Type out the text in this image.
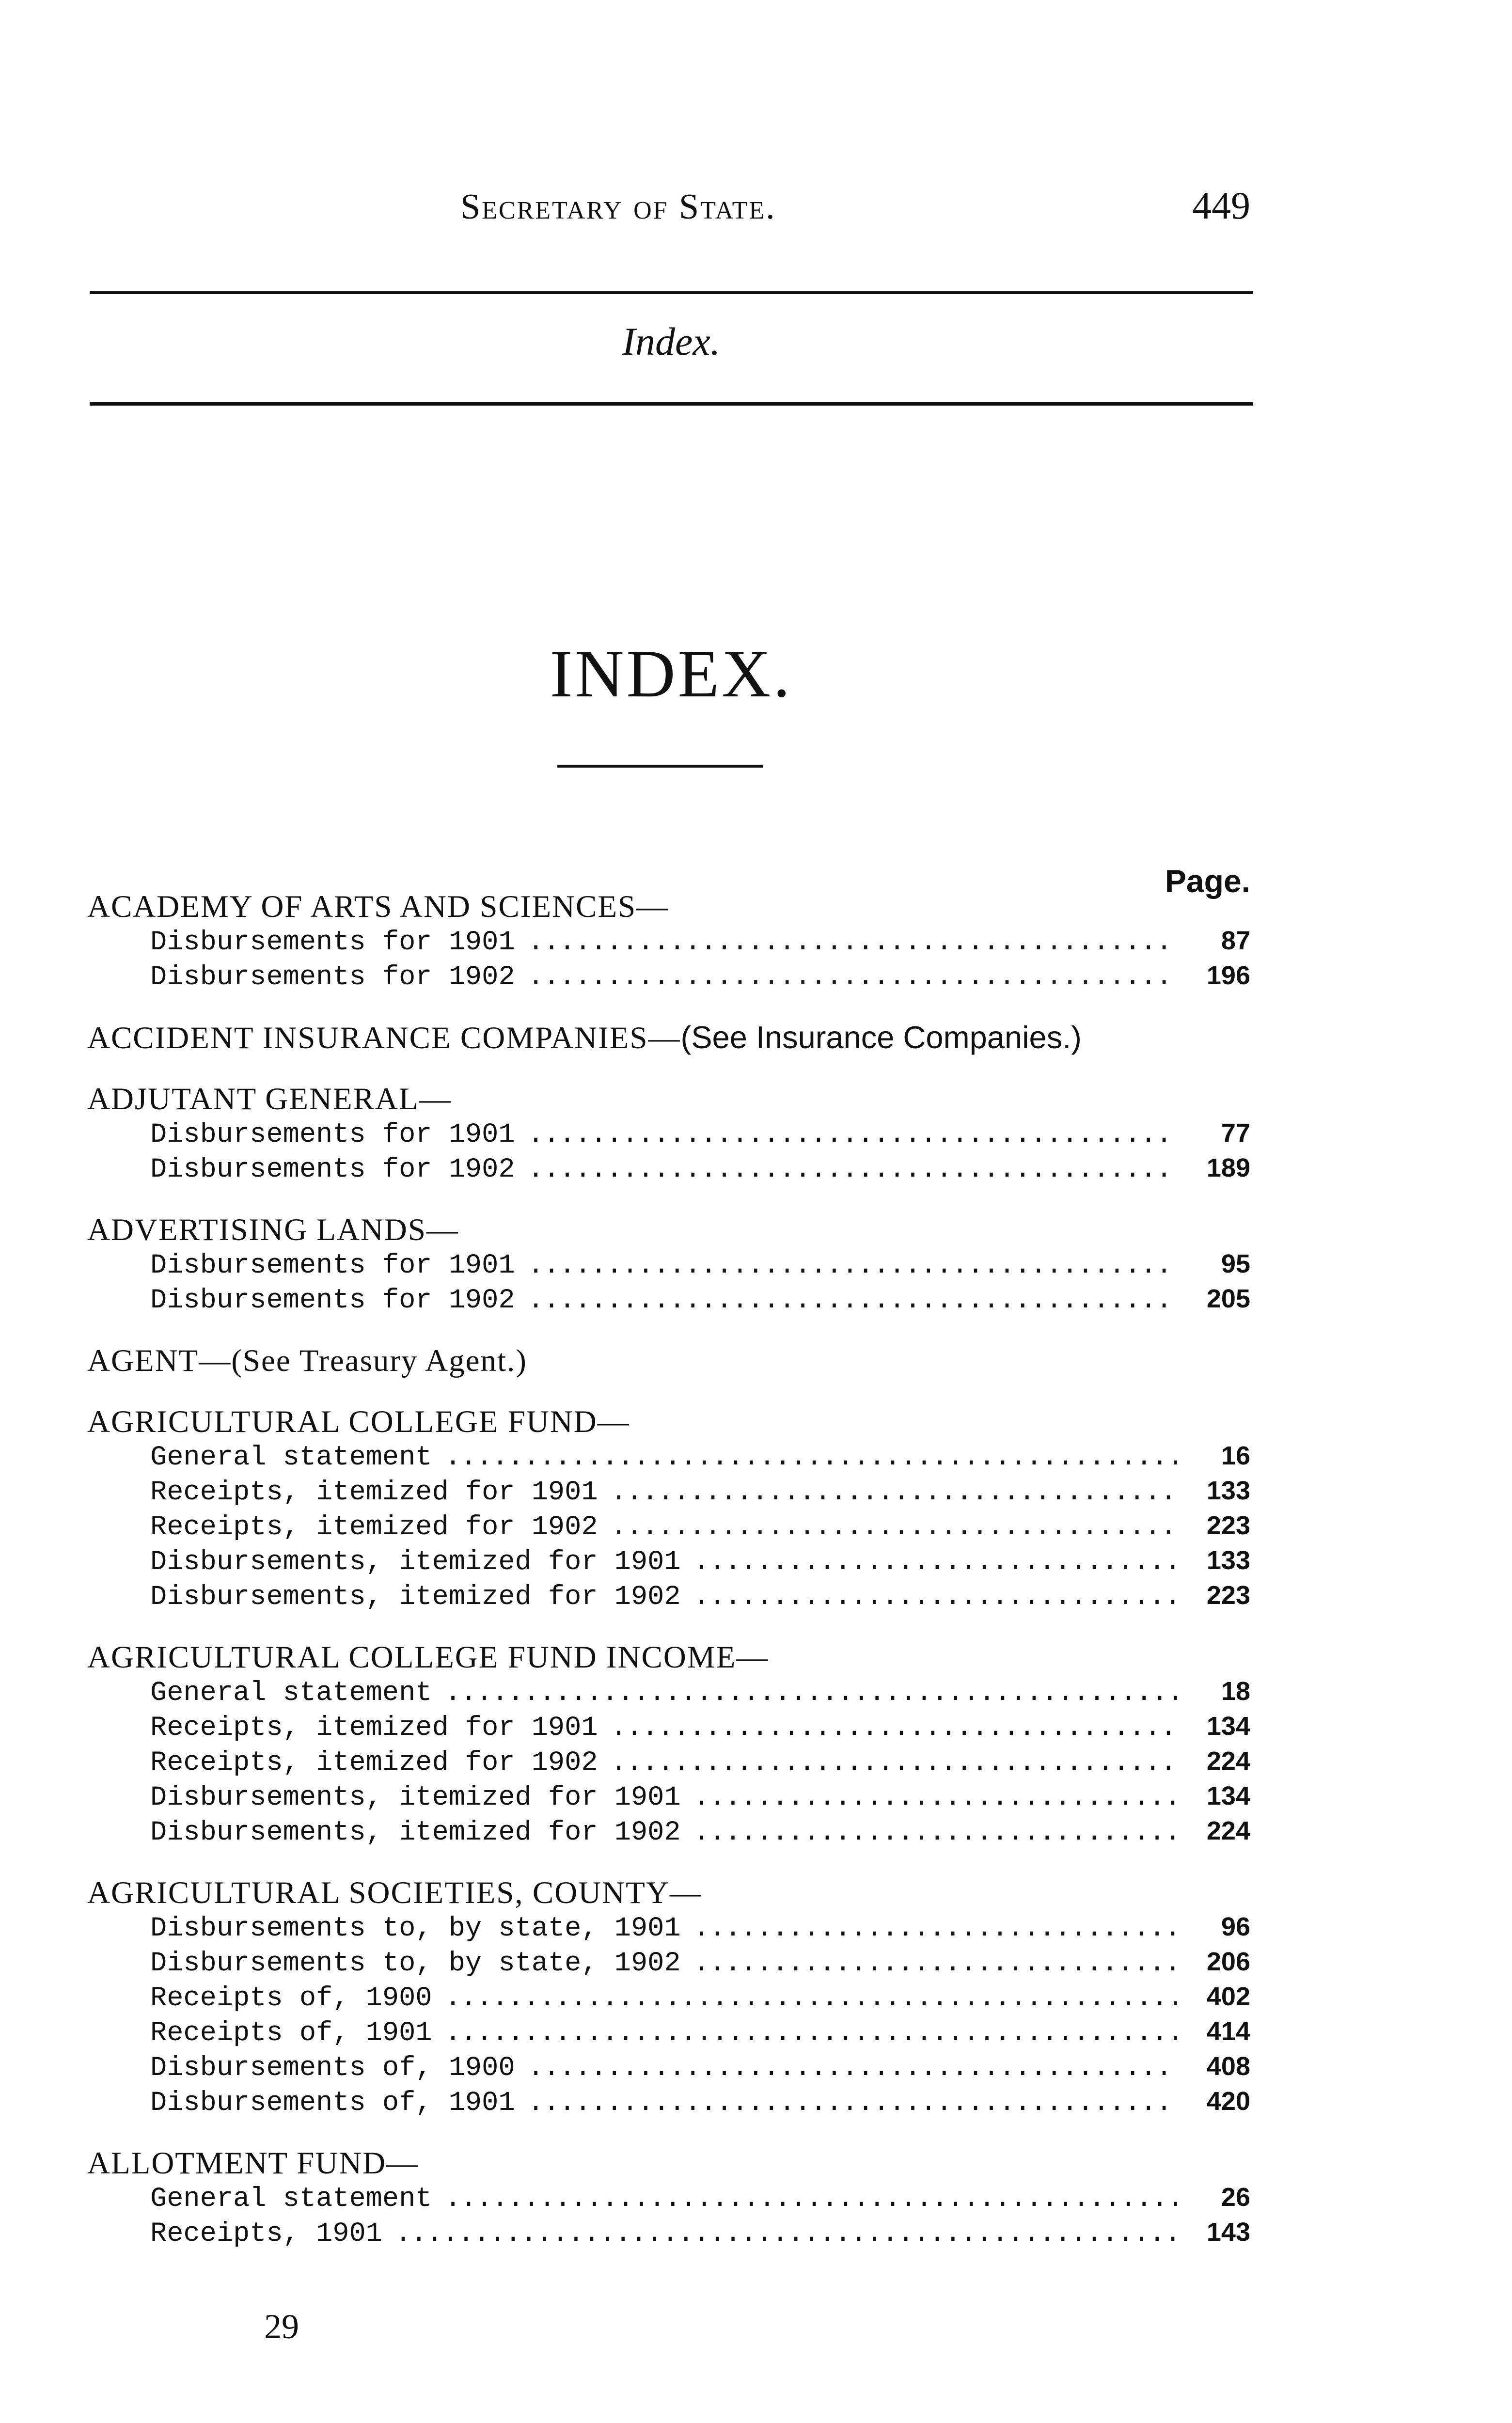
Secretary of State.	449
Index.
INDEX.
Page.
ACADEMY OF ARTS AND SCIENCES—
Disbursements for 1901 . . .	87
Disbursements for 1902 . . .	196
ACCIDENT INSURANCE COMPANIES—(See Insurance Companies.)
ADJUTANT GENERAL—
Disbursements for 1901 . . .	77
Disbursements for 1902 . . .	189
ADVERTISING LANDS—
Disbursements for 1901 . . .	95
Disbursements for 1902 . . .	205
AGENT—(See Treasury Agent.)
AGRICULTURAL COLLEGE FUND—
General statement . . .	16
Receipts, itemized for 1901 . . .	133
Receipts, itemized for 1902 . . .	223
Disbursements, itemized for 1901 . . .	133
Disbursements, itemized for 1902 . . .	223
AGRICULTURAL COLLEGE FUND INCOME—
General statement . . .	18
Receipts, itemized for 1901 . . .	134
Receipts, itemized for 1902 . . .	224
Disbursements, itemized for 1901 . . .	134
Disbursements, itemized for 1902 . . .	224
AGRICULTURAL SOCIETIES, COUNTY—
Disbursements to, by state, 1901 . . .	96
Disbursements to, by state, 1902 . . .	206
Receipts of, 1900 . . .	402
Receipts of, 1901 . . .	414
Disbursements of, 1900 . . .	408
Disbursements of, 1901 . . .	420
ALLOTMENT FUND—
General statement . . .	26
Receipts, 1901 . . .	143
29
